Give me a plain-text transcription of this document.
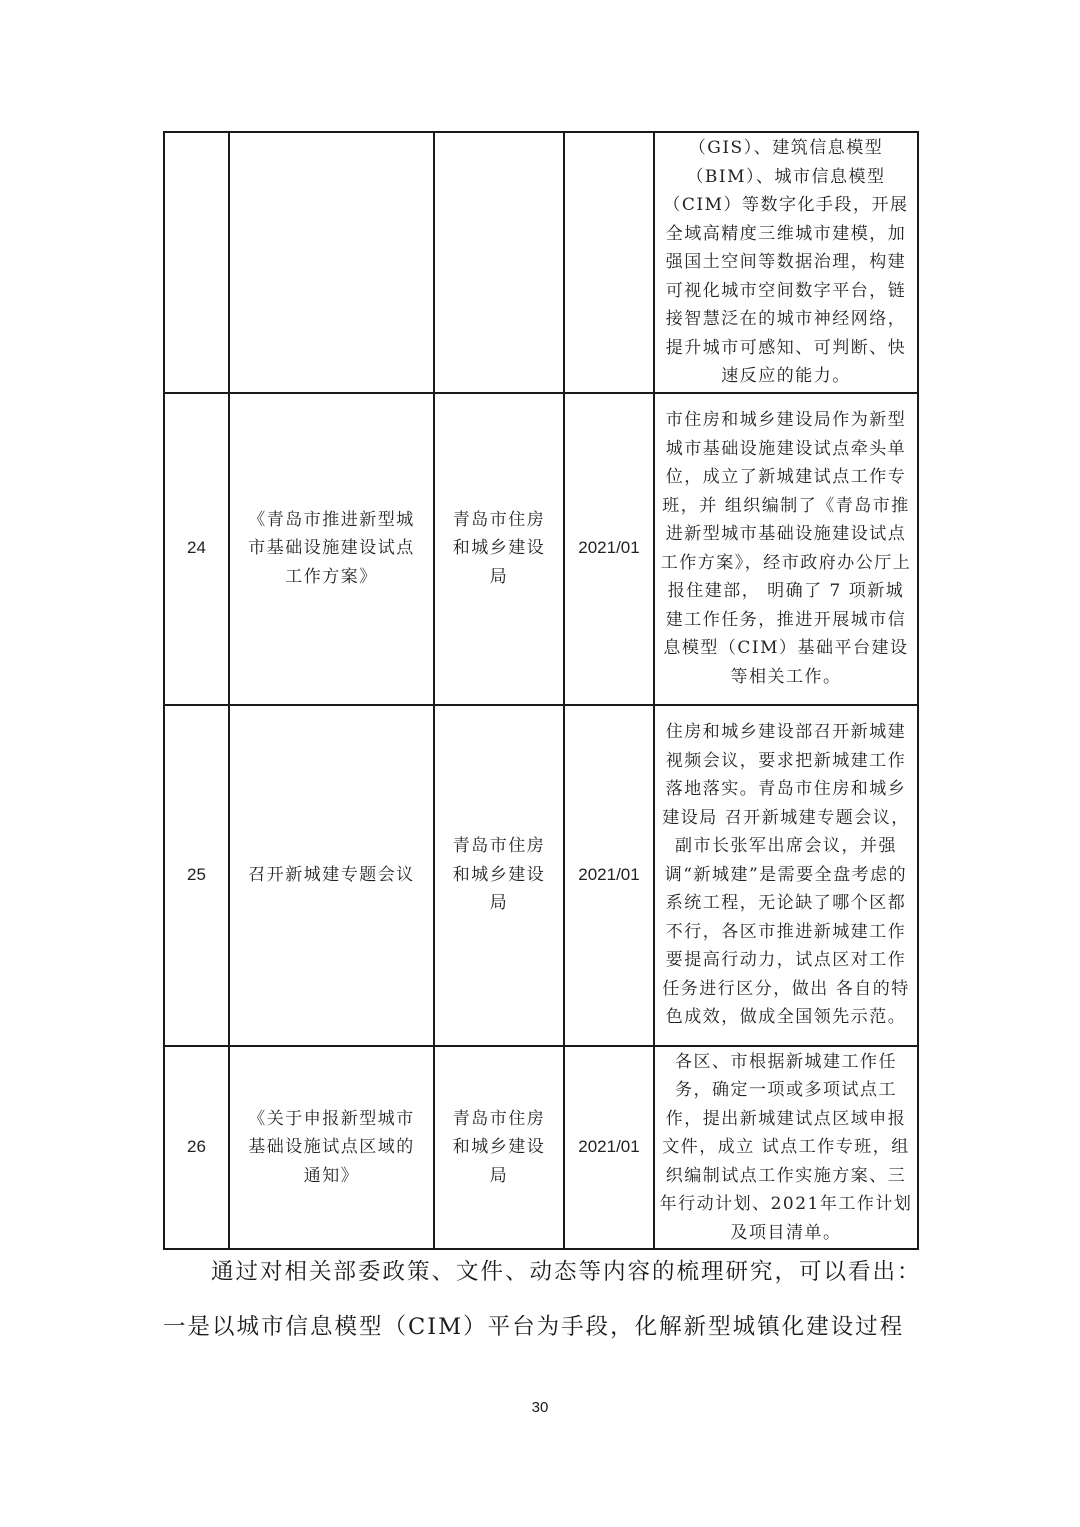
				（GIS）、建筑信息模型（BIM）、城市信息模型（CIM）等数字化手段，开展全域高精度三维城市建模，加强国土空间等数据治理，构建可视化城市空间数字平台，链接智慧泛在的城市神经网络，提升城市可感知、可判断、快速反应的能力。
24	《青岛市推进新型城市基础设施建设试点工作方案》	青岛市住房和城乡建设局	2021/01	市住房和城乡建设局作为新型城市基础设施建设试点牵头单位，成立了新城建试点工作专班，并 组织编制了《青岛市推进新型城市基础设施建设试点工作方案》，经市政府办公厅上报住建部， 明确了 7 项新城建工作任务，推进开展城市信息模型（CIM）基础平台建设等相关工作。
25	召开新城建专题会议	青岛市住房和城乡建设局	2021/01	住房和城乡建设部召开新城建视频会议，要求把新城建工作落地落实。青岛市住房和城乡建设局 召开新城建专题会议，副市长张军出席会议，并强调“新城建”是需要全盘考虑的系统工程，无论缺了哪个区都不行，各区市推进新城建工作要提高行动力，试点区对工作任务进行区分，做出 各自的特色成效，做成全国领先示范。
26	《关于申报新型城市基础设施试点区域的通知》	青岛市住房和城乡建设局	2021/01	各区、市根据新城建工作任务，确定一项或多项试点工作，提出新城建试点区域申报文件，成立 试点工作专班，组织编制试点工作实施方案、三年行动计划、2021年工作计划及项目清单。
通过对相关部委政策、文件、动态等内容的梳理研究，可以看出：
一是以城市信息模型（CIM）平台为手段，化解新型城镇化建设过程
30
